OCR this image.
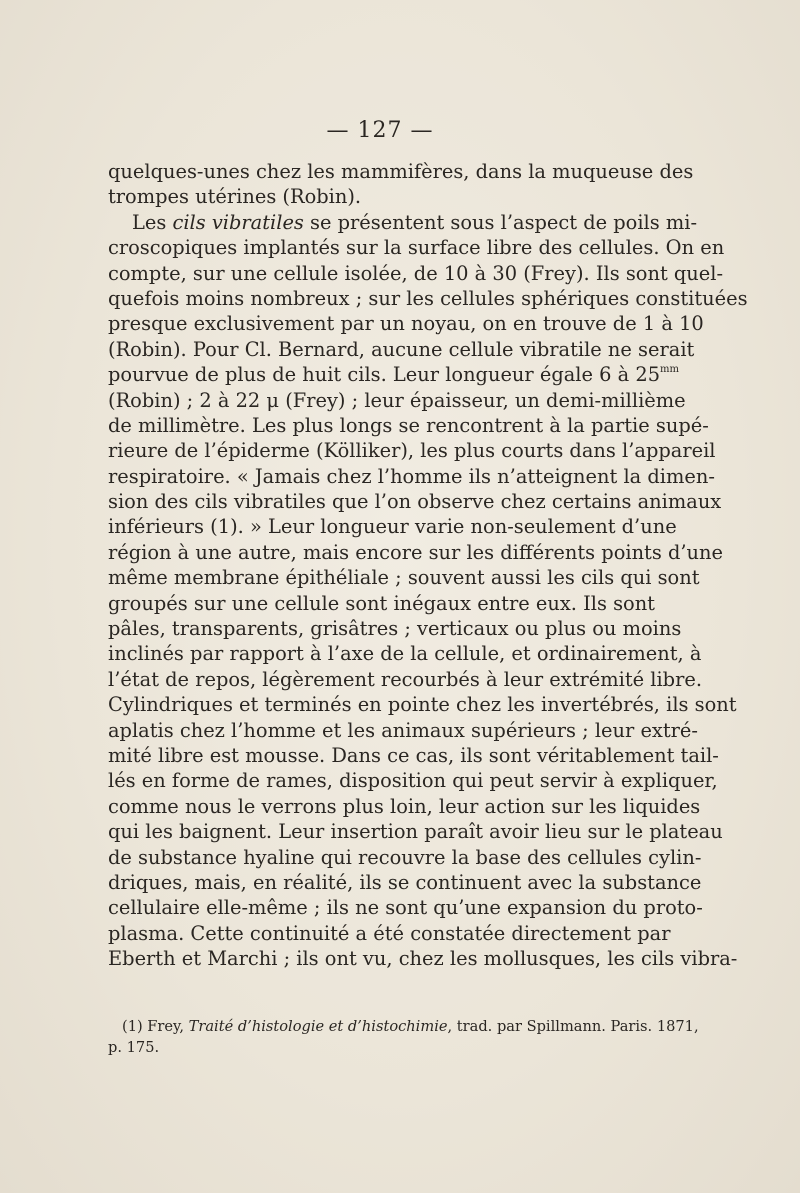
— 127 —
quelques-unes chez les mammifères, dans la muqueuse des
trompes utérines (Robin).
Les cils vibratiles se présentent sous l’aspect de poils mi-
croscopiques implantés sur la surface libre des cellules. On en
compte, sur une cellule isolée, de 10 à 30 (Frey). Ils sont quel-
quefois moins nombreux ; sur les cellules sphériques constituées
presque exclusivement par un noyau, on en trouve de 1 à 10
(Robin). Pour Cl. Bernard, aucune cellule vibratile ne serait
pourvue de plus de huit cils. Leur longueur égale 6 à $25^{mm}$
(Robin) ; 2 à 22 μ (Frey) ; leur épaisseur, un demi-millième
de millimètre. Les plus longs se rencontrent à la partie supé-
rieure de l’épiderme (Kölliker), les plus courts dans l’appareil
respiratoire. « Jamais chez l’homme ils n’atteignent la dimen-
sion des cils vibratiles que l’on observe chez certains animaux
inférieurs (1). » Leur longueur varie non-seulement d’une
région à une autre, mais encore sur les différents points d’une
même membrane épithéliale ; souvent aussi les cils qui sont
groupés sur une cellule sont inégaux entre eux. Ils sont
pâles, transparents, grisâtres ; verticaux ou plus ou moins
inclinés par rapport à l’axe de la cellule, et ordinairement, à
l’état de repos, légèrement recourbés à leur extrémité libre.
Cylindriques et terminés en pointe chez les invertébrés, ils sont
aplatis chez l’homme et les animaux supérieurs ; leur extré-
mité libre est mousse. Dans ce cas, ils sont véritablement tail-
lés en forme de rames, disposition qui peut servir à expliquer,
comme nous le verrons plus loin, leur action sur les liquides
qui les baignent. Leur insertion paraît avoir lieu sur le plateau
de substance hyaline qui recouvre la base des cellules cylin-
driques, mais, en réalité, ils se continuent avec la substance
cellulaire elle-même ; ils ne sont qu’une expansion du proto-
plasma. Cette continuité a été constatée directement par
Eberth et Marchi ; ils ont vu, chez les mollusques, les cils vibra-
(1) Frey, Traité d’histologie et d’histochimie, trad. par Spillmann. Paris. 1871,
p. 175.
